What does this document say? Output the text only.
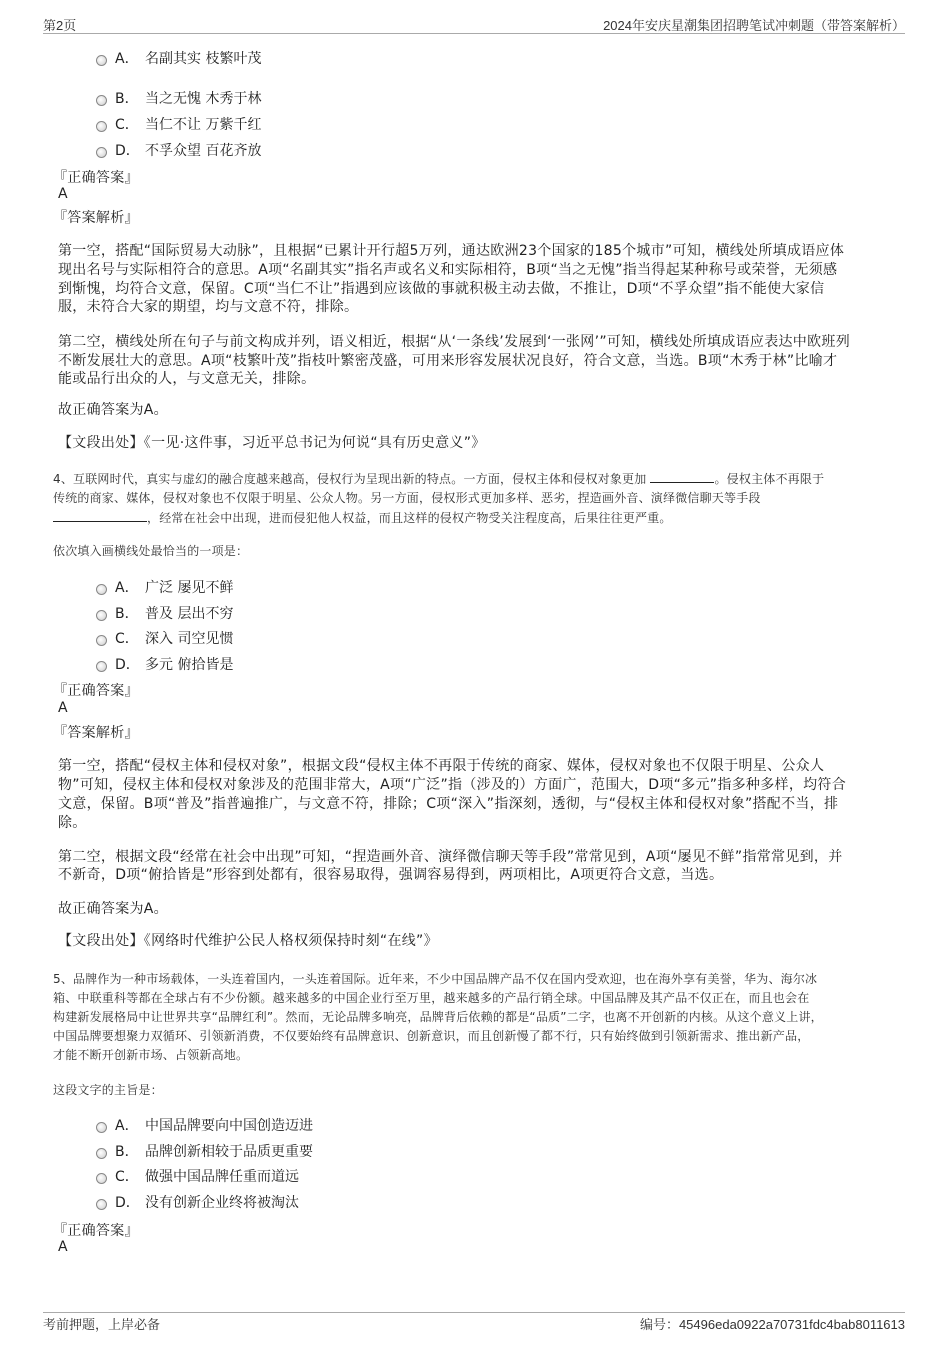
第2页	2024年安庆星潮集团招聘笔试冲刺题（带答案解析）
A． 名副其实 枝繁叶茂
B． 当之无愧 木秀于林
C． 当仁不让 万紫千红
D． 不孚众望 百花齐放
『正确答案』
A
『答案解析』
第一空，搭配“国际贸易大动脉”，且根据“已累计开行超5万列，通达欧洲23个国家的185个城市”可知，横线处所填成语应体
现出名号与实际相符合的意思。A项“名副其实”指名声或名义和实际相符，B项“当之无愧”指当得起某种称号或荣誉，无须感
到惭愧，均符合文意，保留。C项“当仁不让”指遇到应该做的事就积极主动去做，不推让，D项“不孚众望”指不能使大家信
服，未符合大家的期望，均与文意不符，排除。
第二空，横线处所在句子与前文构成并列，语义相近，根据“从‘一条线’发展到‘一张网’”可知，横线处所填成语应表达中欧班列
不断发展壮大的意思。A项“枝繁叶茂”指枝叶繁密茂盛，可用来形容发展状况良好，符合文意，当选。B项“木秀于林”比喻才
能或品行出众的人，与文意无关，排除。
故正确答案为A。
【文段出处】《一见·这件事，习近平总书记为何说“具有历史意义”》
4、互联网时代，真实与虚幻的融合度越来越高，侵权行为呈现出新的特点。一方面，侵权主体和侵权对象更加	。侵权主体不再限于
传统的商家、媒体，侵权对象也不仅限于明星、公众人物。另一方面，侵权形式更加多样、恶劣，捏造画外音、演绎微信聊天等手段
，经常在社会中出现，进而侵犯他人权益，而且这样的侵权产物受关注程度高，后果往往更严重。
依次填入画横线处最恰当的一项是：
A． 广泛 屡见不鲜
B． 普及 层出不穷
C． 深入 司空见惯
D． 多元 俯拾皆是
『正确答案』
A
『答案解析』
第一空，搭配“侵权主体和侵权对象”，根据文段“侵权主体不再限于传统的商家、媒体，侵权对象也不仅限于明星、公众人
物”可知，侵权主体和侵权对象涉及的范围非常大，A项“广泛”指（涉及的）方面广，范围大，D项“多元”指多种多样，均符合
文意，保留。B项“普及”指普遍推广，与文意不符，排除；C项“深入”指深刻，透彻，与“侵权主体和侵权对象”搭配不当，排
除。
第二空，根据文段“经常在社会中出现”可知，“捏造画外音、演绎微信聊天等手段”常常见到，A项“屡见不鲜”指常常见到，并
不新奇，D项“俯拾皆是”形容到处都有，很容易取得，强调容易得到，两项相比，A项更符合文意，当选。
故正确答案为A。
【文段出处】《网络时代维护公民人格权须保持时刻“在线”》
5、品牌作为一种市场载体，一头连着国内，一头连着国际。近年来，不少中国品牌产品不仅在国内受欢迎，也在海外享有美誉，华为、海尔冰
箱、中联重科等都在全球占有不少份额。越来越多的中国企业行至万里，越来越多的产品行销全球。中国品牌及其产品不仅正在，而且也会在
构建新发展格局中让世界共享“品牌红利”。然而，无论品牌多响亮，品牌背后依赖的都是“品质”二字，也离不开创新的内核。从这个意义上讲，
中国品牌要想聚力双循环、引领新消费，不仅要始终有品牌意识、创新意识，而且创新慢了都不行，只有始终做到引领新需求、推出新产品，
才能不断开创新市场、占领新高地。
这段文字的主旨是：
A． 中国品牌要向中国创造迈进
B． 品牌创新相较于品质更重要
C． 做强中国品牌任重而道远
D． 没有创新企业终将被淘汰
『正确答案』
A
考前押题，上岸必备	编号：45496eda0922a70731fdc4bab8011613
